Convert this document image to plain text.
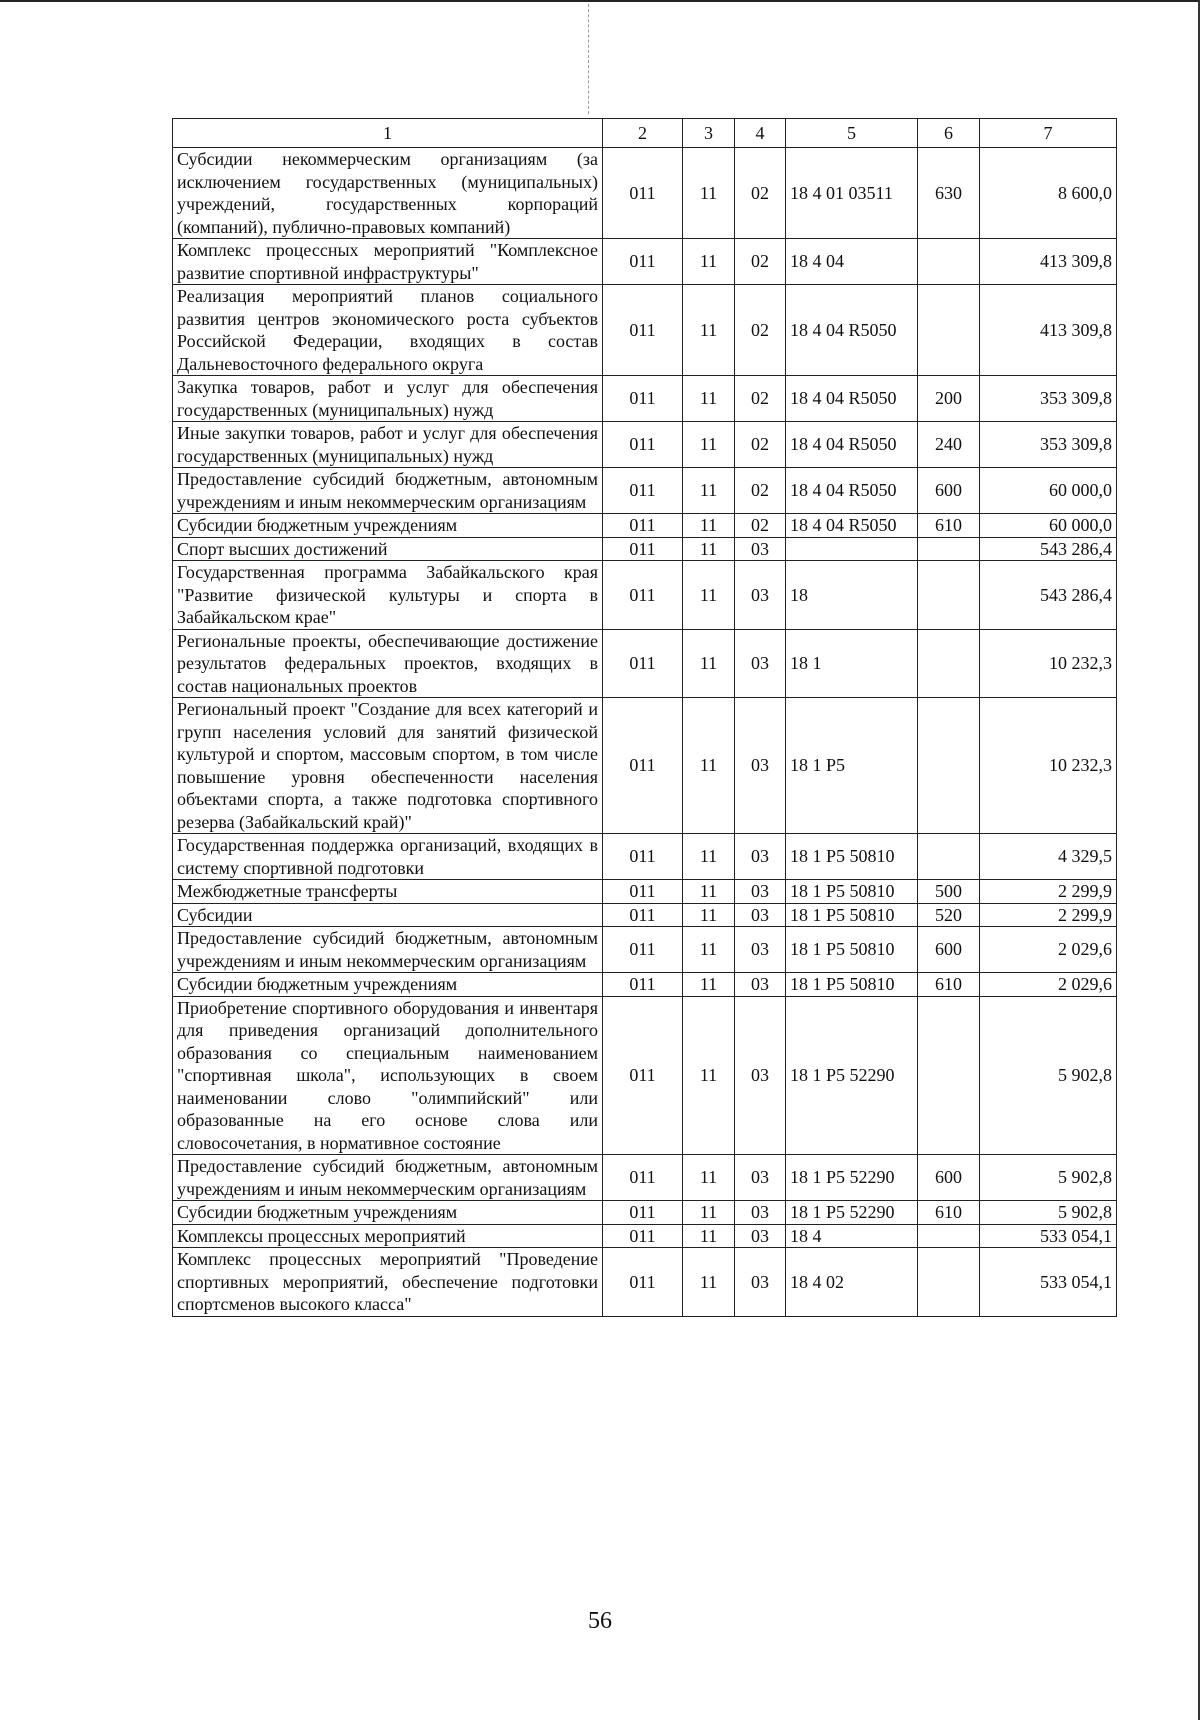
1	2	3	4	5	6	7
Субсидии некоммерческим организациям (за исключением государственных (муниципальных) учреждений, государственных корпораций (компаний), публично-правовых компаний)	011	11	02	18 4 01 03511	630	8 600,0
Комплекс процессных мероприятий "Комплексное развитие спортивной инфраструктуры"	011	11	02	18 4 04		413 309,8
Реализация мероприятий планов социального развития центров экономического роста субъектов Российской Федерации, входящих в состав Дальневосточного федерального округа	011	11	02	18 4 04 R5050		413 309,8
Закупка товаров, работ и услуг для обеспечения государственных (муниципальных) нужд	011	11	02	18 4 04 R5050	200	353 309,8
Иные закупки товаров, работ и услуг для обеспечения государственных (муниципальных) нужд	011	11	02	18 4 04 R5050	240	353 309,8
Предоставление субсидий бюджетным, автономным учреждениям и иным некоммерческим организациям	011	11	02	18 4 04 R5050	600	60 000,0
Субсидии бюджетным учреждениям	011	11	02	18 4 04 R5050	610	60 000,0
Спорт высших достижений	011	11	03			543 286,4
Государственная программа Забайкальского края "Развитие физической культуры и спорта в Забайкальском крае"	011	11	03	18		543 286,4
Региональные проекты, обеспечивающие достижение результатов федеральных проектов, входящих в состав национальных проектов	011	11	03	18 1		10 232,3
Региональный проект "Создание для всех категорий и групп населения условий для занятий физической культурой и спортом, массовым спортом, в том числе повышение уровня обеспеченности населения объектами спорта, а также подготовка спортивного резерва (Забайкальский край)"	011	11	03	18 1 P5		10 232,3
Государственная поддержка организаций, входящих в систему спортивной подготовки	011	11	03	18 1 P5 50810		4 329,5
Межбюджетные трансферты	011	11	03	18 1 P5 50810	500	2 299,9
Субсидии	011	11	03	18 1 P5 50810	520	2 299,9
Предоставление субсидий бюджетным, автономным учреждениям и иным некоммерческим организациям	011	11	03	18 1 P5 50810	600	2 029,6
Субсидии бюджетным учреждениям	011	11	03	18 1 P5 50810	610	2 029,6
Приобретение спортивного оборудования и инвентаря для приведения организаций дополнительного образования со специальным наименованием "спортивная школа", использующих в своем наименовании слово "олимпийский" или образованные на его основе слова или словосочетания, в нормативное состояние	011	11	03	18 1 P5 52290		5 902,8
Предоставление субсидий бюджетным, автономным учреждениям и иным некоммерческим организациям	011	11	03	18 1 P5 52290	600	5 902,8
Субсидии бюджетным учреждениям	011	11	03	18 1 P5 52290	610	5 902,8
Комплексы процессных мероприятий	011	11	03	18 4		533 054,1
Комплекс процессных мероприятий "Проведение спортивных мероприятий, обеспечение подготовки спортсменов высокого класса"	011	11	03	18 4 02		533 054,1
56
